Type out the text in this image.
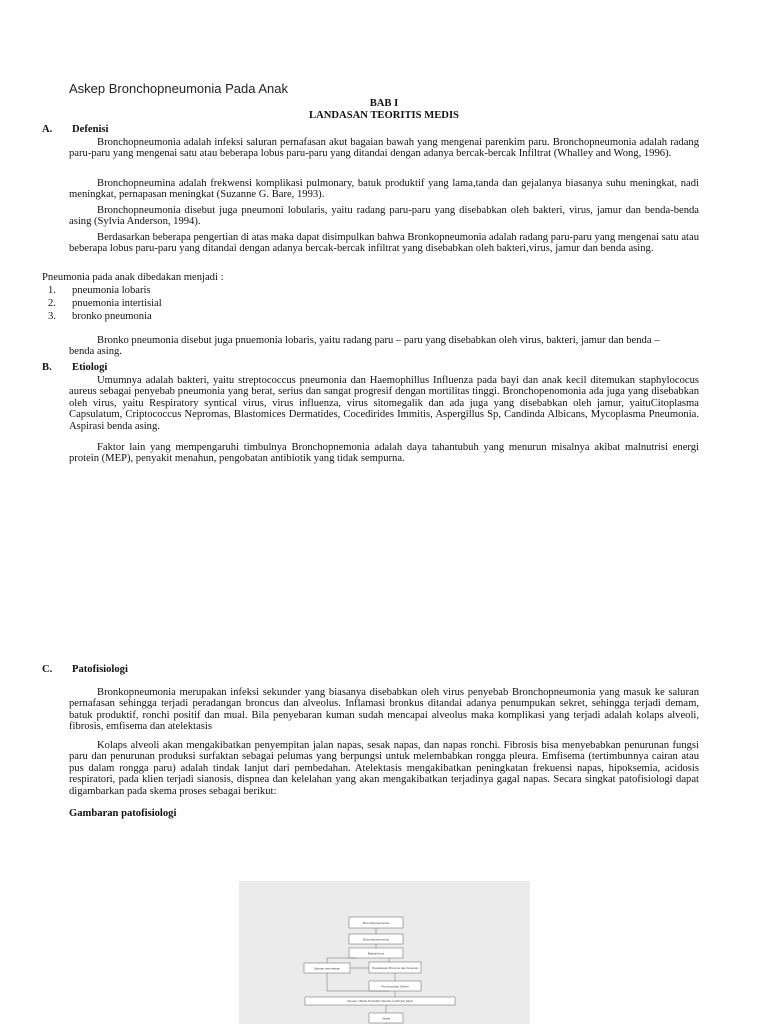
Askep Bronchopneumonia Pada Anak
BAB I
LANDASAN TEORITIS MEDIS
A. Defenisi

Bronchopneumonia adalah infeksi saluran pernafasan akut bagaian bawah yang mengenai parenkim paru. Bronchopneumonia adalah radang paru-paru yang mengenai satu atau beberapa lobus paru-paru yang ditandai dengan adanya bercak-bercak Infiltrat (Whalley and Wong, 1996).

Bronchopneumina adalah frekwensi komplikasi pulmonary, batuk produktif yang lama,tanda dan gejalanya biasanya suhu meningkat, nadi meningkat, pernapasan meningkat (Suzanne G. Bare, 1993).

Bronchopneumonia disebut juga pneumoni lobularis, yaitu radang paru-paru yang disebabkan oleh bakteri, virus, jamur dan benda-benda asing (Sylvia Anderson, 1994).

Berdasarkan beberapa pengertian di atas maka dapat disimpulkan bahwa Bronkopneumonia adalah radang paru-paru yang mengenai satu atau beberapa lobus paru-paru yang ditandai dengan adanya bercak-bercak infiltrat yang disebabkan oleh bakteri,virus, jamur dan benda asing.

Pneumonia pada anak dibedakan menjadi :
1. pneumonia lobaris
2. pnuemonia intertisial
3. bronko pneumonia

Bronko pneumonia disebut juga pnuemonia lobaris, yaitu radang paru – paru yang disebabkan oleh virus, bakteri, jamur dan benda – benda asing.

B. Etiologi

Umumnya adalah bakteri, yaitu streptococcus pneumonia dan Haemophillus Influenza pada bayi dan anak kecil ditemukan staphylococus aureus sebagai penyebab pneumonia yang berat, serius dan sangat progresif dengan mortilitas tinggi. Bronchopenomonia ada juga yang disebabkan oleh virus, yaitu Respiratory syntical virus, virus influenza, virus sitomegalik dan ada juga yang disebabkan oleh jamur, yaituCitoplasma Capsulatum, Criptococcus Nepromas, Blastomices Dermatides, Cocedirides Immitis, Aspergillus Sp, Candinda Albicans, Mycoplasma Pneumonia. Aspirasi benda asing.

Faktor lain yang mempengaruhi timbulnya Bronchopnemonia adalah daya tahantubuh yang menurun misalnya akibat malnutrisi energi protein (MEP), penyakit menahun, pengobatan antibiotik yang tidak sempurna.

C. Patofisiologi

Bronkopneumonia merupakan infeksi sekunder yang biasanya disebabkan oleh virus penyebab Bronchopneumonia yang masuk ke saluran pernafasan sehingga terjadi peradangan broncus dan alveolus. Inflamasi bronkus ditandai adanya penumpukan sekret, sehingga terjadi demam, batuk produktif, ronchi positif dan mual. Bila penyebaran kuman sudah mencapai alveolus maka komplikasi yang terjadi adalah kolaps alveoli, fibrosis, emfisema dan atelektasis

Kolaps alveoli akan mengakibatkan penyempitan jalan napas, sesak napas, dan napas ronchi. Fibrosis bisa menyebabkan penurunan fungsi paru dan penurunan produksi surfaktan sebagai pelumas yang berpungsi untuk melembabkan rongga pleura. Emfisema (tertimbunnya cairan atau pus dalam rongga paru) adalah tindak lanjut dari pembedahan. Atelektasis mengakibatkan peningkatan frekuensi napas, hipoksemia, acidosis respiratori, pada klien terjadi sianosis, dispnea dan kelelahan yang akan mengakibatkan terjadinya gagal napas. Secara singkat patofisiologi dapat digambarkan pada skema proses sebagai berikut:

Gambaran patofisiologi
Bronchopneumonia
Bronchopneumonia
Bakteri/virus
Saluran pernafasan	Peradangan Broncus dan Alveolus
Penumpukan Sekret
Demam, Batuk Produktif, Ronchi positif dan Mual
Sesak
